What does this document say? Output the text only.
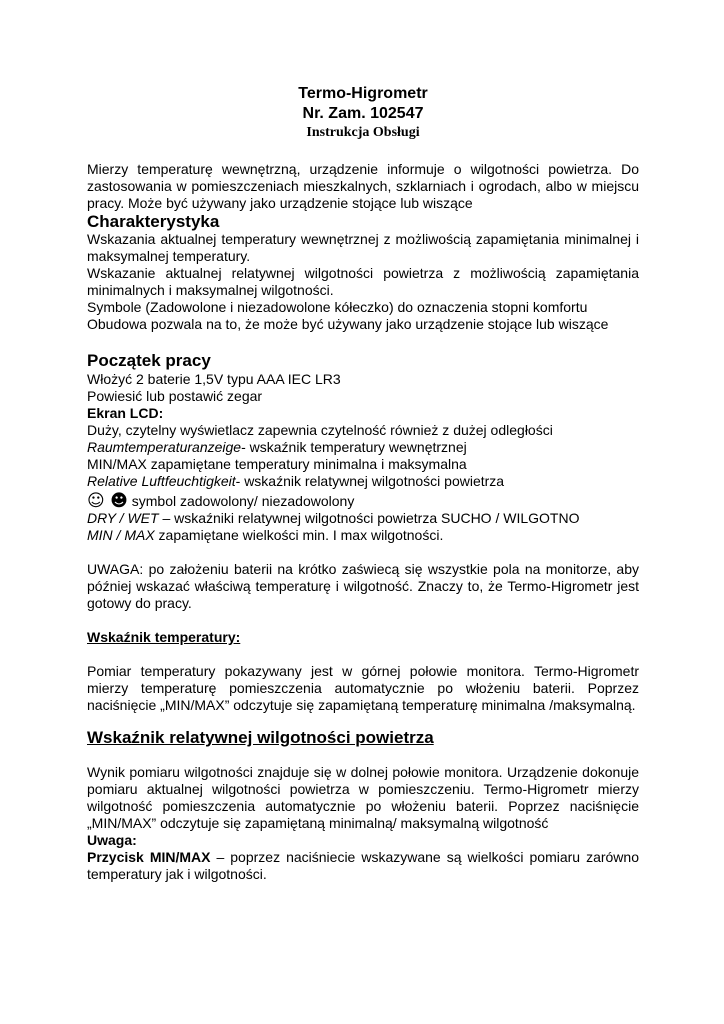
Termo-Higrometr
Nr. Zam. 102547
Instrukcja Obsługi

Mierzy temperaturę wewnętrzną, urządzenie informuje o wilgotności powietrza. Do zastosowania w pomieszczeniach mieszkalnych, szklarniach i ogrodach, albo w miejscu pracy. Może być używany jako urządzenie stojące lub wiszące

Charakterystyka

Wskazania aktualnej temperatury wewnętrznej z możliwością zapamiętania minimalnej i maksymalnej temperatury.

Wskazanie aktualnej relatywnej wilgotności powietrza z możliwością zapamiętania minimalnych i maksymalnej wilgotności.

Symbole (Zadowolone i niezadowolone kółeczko) do oznaczenia stopni komfortu

Obudowa pozwala na to, że może być używany jako urządzenie stojące lub wiszące

Początek pracy

Włożyć 2 baterie 1,5V typu AAA IEC LR3

Powiesić lub postawić zegar

Ekran LCD:

Duży, czytelny wyświetlacz zapewnia czytelność również z dużej odległości

Raumtemperaturanzeige- wskaźnik temperatury wewnętrznej

MIN/MAX zapamiętane temperatury minimalna i maksymalna

Relative Luftfeuchtigkeit- wskaźnik relatywnej wilgotności powietrza

☺ ☻ symbol zadowolony/ niezadowolony

DRY / WET – wskaźniki relatywnej wilgotności powietrza SUCHO / WILGOTNO

MIN / MAX zapamiętane wielkości min. I max wilgotności.

UWAGA: po założeniu baterii na krótko zaświecą się wszystkie pola na monitorze, aby później wskazać właściwą temperaturę i wilgotność. Znaczy to, że Termo-Higrometr jest gotowy do pracy.

Wskaźnik temperatury:

Pomiar temperatury pokazywany jest w górnej połowie monitora. Termo-Higrometr mierzy temperaturę pomieszczenia automatycznie po włożeniu baterii. Poprzez naciśnięcie „MIN/MAX” odczytuje się zapamiętaną temperaturę minimalna /maksymalną.

Wskaźnik relatywnej wilgotności powietrza

Wynik pomiaru wilgotności znajduje się w dolnej połowie monitora. Urządzenie dokonuje pomiaru aktualnej wilgotności powietrza w pomieszczeniu. Termo-Higrometr mierzy wilgotność pomieszczenia automatycznie po włożeniu baterii. Poprzez naciśnięcie „MIN/MAX” odczytuje się zapamiętaną minimalną/ maksymalną wilgotność

Uwaga:

Przycisk MIN/MAX – poprzez naciśniecie wskazywane są wielkości pomiaru zarówno temperatury jak i wilgotności.
